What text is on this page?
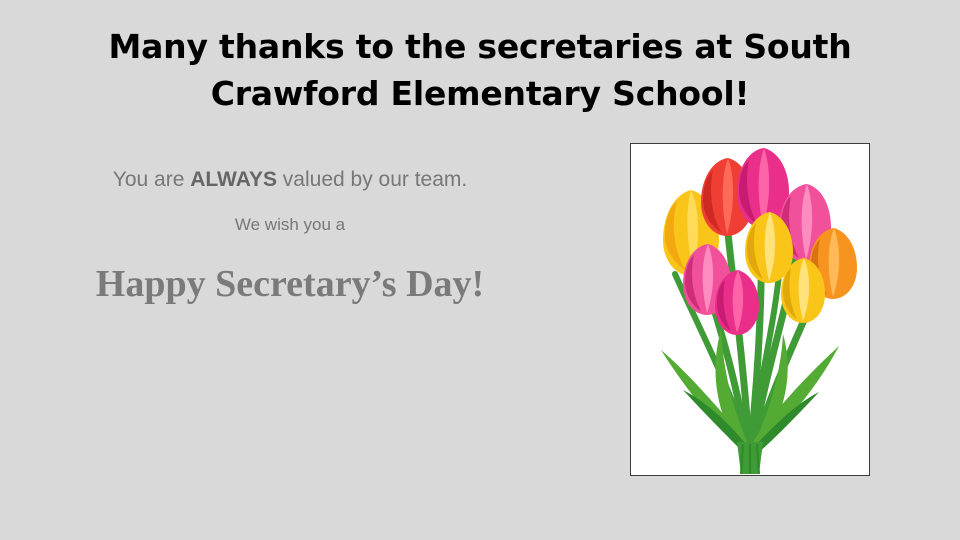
Many thanks to the secretaries at South Crawford Elementary School!
You are ALWAYS valued by our team.
We wish you a
Happy Secretary’s Day!
